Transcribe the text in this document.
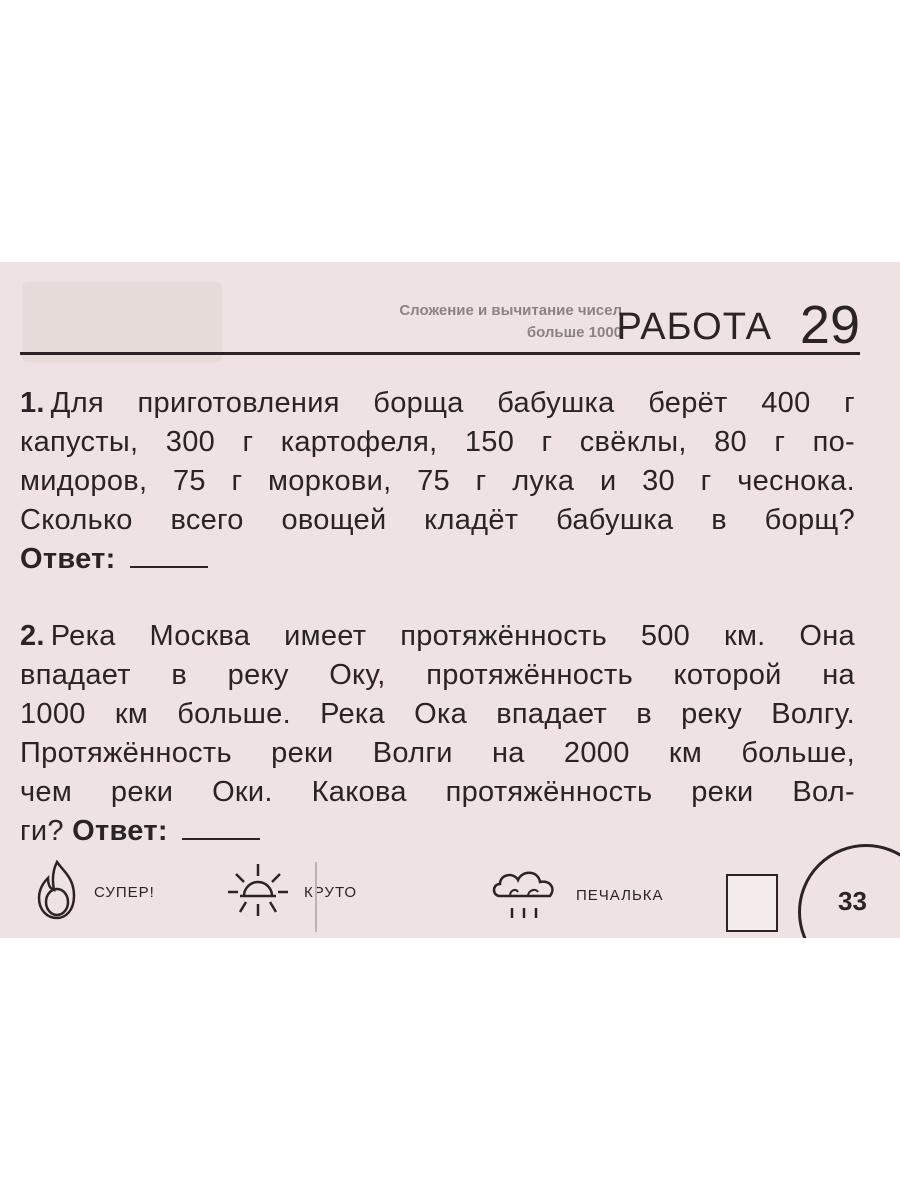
Сложение и вычитание чисел
больше 1000
РАБОТА 29
1. Для приготовления борща бабушка берёт 400 г
капусты, 300 г картофеля, 150 г свёклы, 80 г по-
мидоров, 75 г моркови, 75 г лука и 30 г чеснока.
Сколько всего овощей кладёт бабушка в борщ?
Ответ:
2. Река Москва имеет протяжённость 500 км. Она
впадает в реку Оку, протяжённость которой на
1000 км больше. Река Ока впадает в реку Волгу.
Протяжённость реки Волги на 2000 км больше,
чем реки Оки. Какова протяжённость реки Вол-
ги? Ответ:
СУПЕР!	КРУТО	ПЕЧАЛЬКА	33
